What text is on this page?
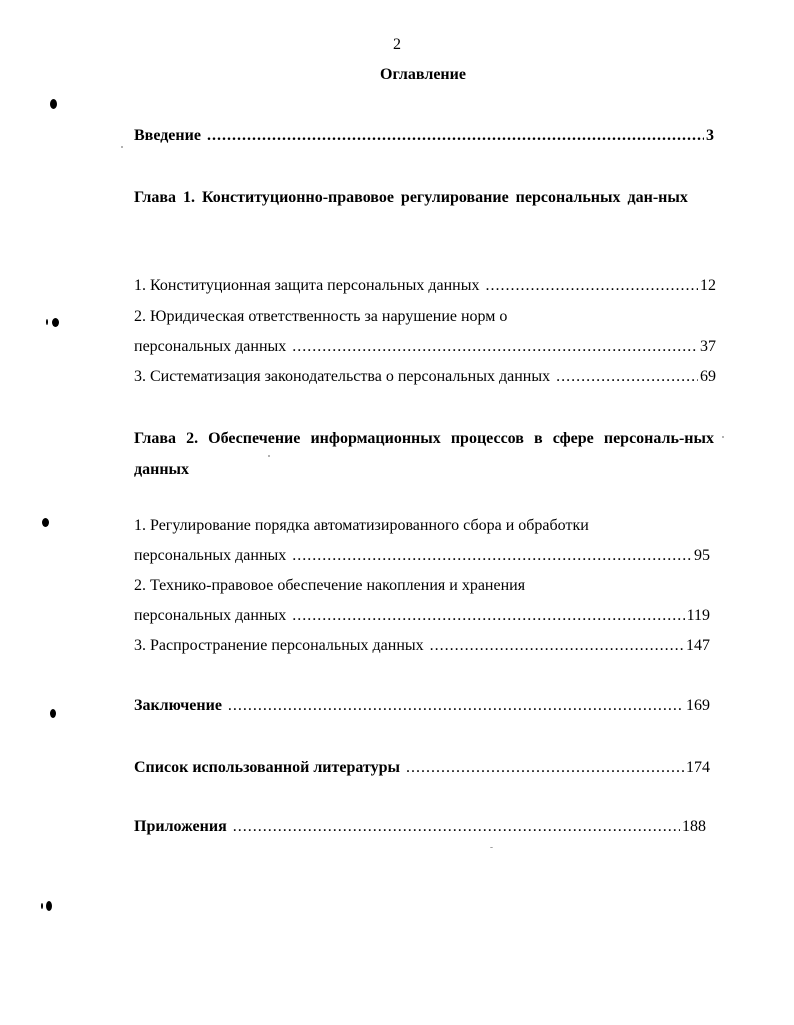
2
Оглавление
Введение .....	3
Глава 1. Конституционно-правовое регулирование персональных дан-ных
1. Конституционная защита персональных данных .....	12
2. Юридическая ответственность за нарушение норм о
персональных данных .....	37
3. Систематизация законодательства о персональных данных .....	69
Глава 2. Обеспечение информационных процессов в сфере персональ-ных данных
1. Регулирование порядка автоматизированного сбора и обработки
персональных данных .....	95
2. Технико-правовое обеспечение накопления и хранения
персональных данных .....	119
3. Распространение персональных данных .....	147
Заключение .....	169
Список использованной литературы .....	174
Приложения .....	188
